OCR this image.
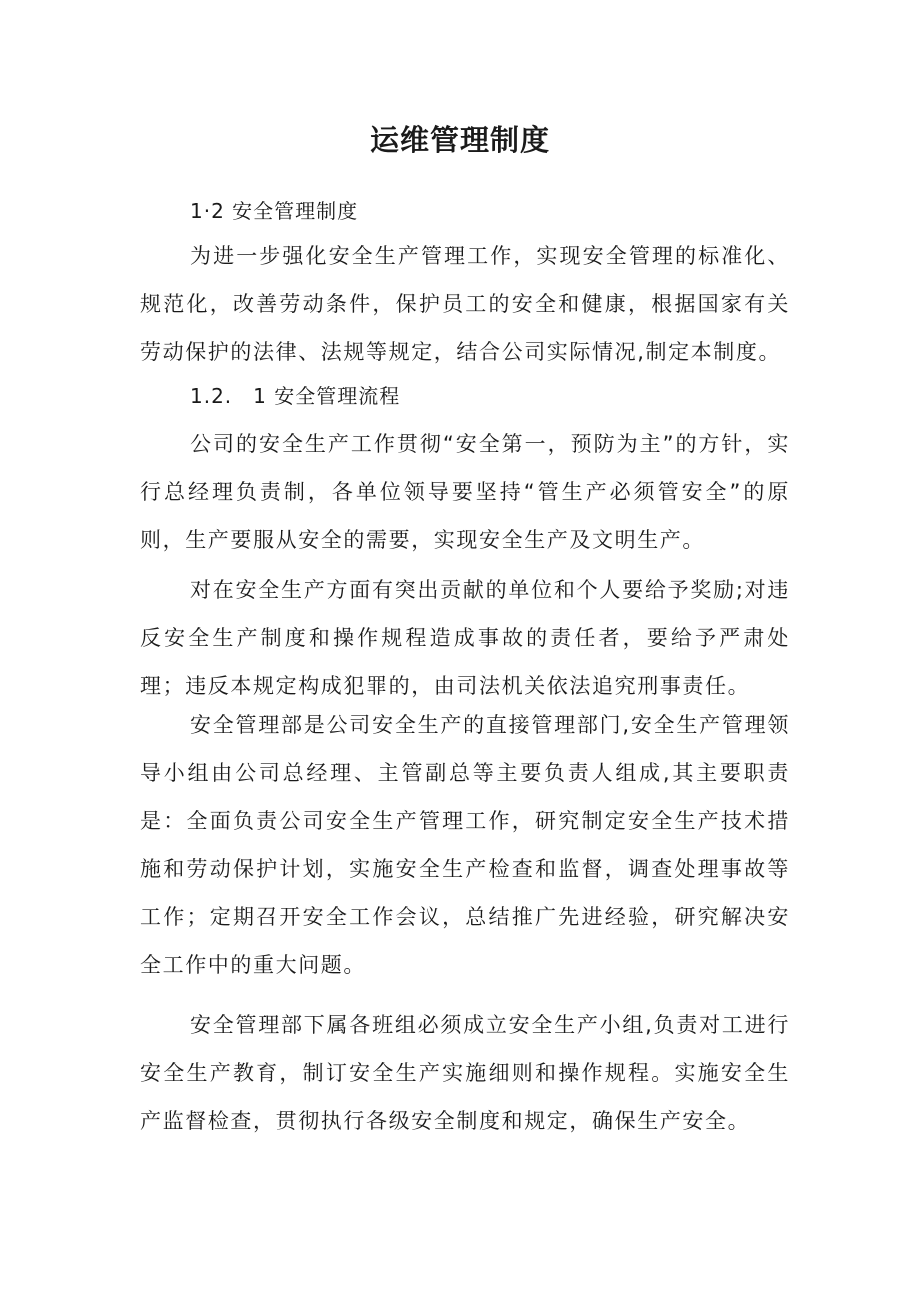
运维管理制度
1·2 安全管理制度

为进一步强化安全生产管理工作，实现安全管理的标准化、规范化，改善劳动条件，保护员工的安全和健康，根据国家有关劳动保护的法律、法规等规定，结合公司实际情况,制定本制度。

1.2.　1 安全管理流程

公司的安全生产工作贯彻“安全第一，预防为主”的方针，实行总经理负责制，各单位领导要坚持“管生产必须管安全”的原则，生产要服从安全的需要，实现安全生产及文明生产。

对在安全生产方面有突出贡献的单位和个人要给予奖励;对违反安全生产制度和操作规程造成事故的责任者，要给予严肃处理；违反本规定构成犯罪的，由司法机关依法追究刑事责任。

安全管理部是公司安全生产的直接管理部门,安全生产管理领导小组由公司总经理、主管副总等主要负责人组成,其主要职责是：全面负责公司安全生产管理工作，研究制定安全生产技术措施和劳动保护计划，实施安全生产检查和监督，调查处理事故等工作；定期召开安全工作会议，总结推广先进经验，研究解决安全工作中的重大问题。

安全管理部下属各班组必须成立安全生产小组,负责对工进行安全生产教育，制订安全生产实施细则和操作规程。实施安全生产监督检查，贯彻执行各级安全制度和规定，确保生产安全。
